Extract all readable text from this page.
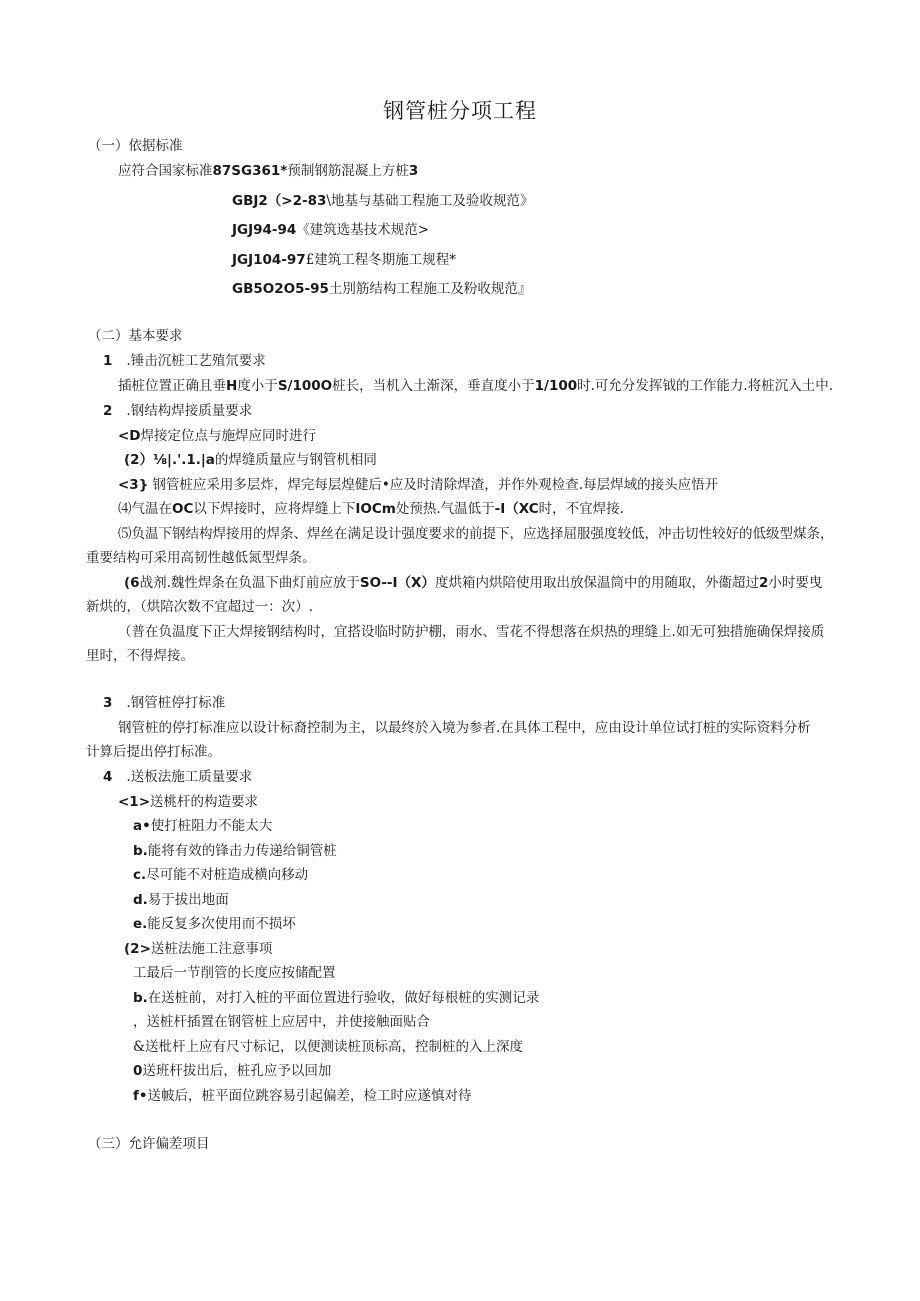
钢管桩分项工程
（一）依据标准
应符合国家标准87SG361*预制钢筋混凝上方桩3
GBJ2（>2-83\地基与基础工程施工及验收规范》
JGJ94-94《建筑选基技术规范>
JGJ104-97£建筑工程冬期施工规程*
GB5O2O5-95土別筋结构工程施工及粉收规范』
（二）基本要求
1 .锤击沉桩工艺殖氘要求
插桩位置正确且垂H度小于S/100O桩长，当机入土渐深，垂直度小于1/100时.可允分发挥钺的工作能力.将桩沉入土中.
2 .钢结构焊接质量要求
<D焊接定位点与施焊应同时进行
(2）⅛|.'.1.|a的焊缝质量应与钢管机相同
<3} 钢管桩应采用多层炸，焊完每层煌健后•应及时清除焊渣，并作外观检查.每层焊域的接头应悟开
⑷气温在OC以下焊接时，应将焊缝上下IOCm处预热.气温低于-I（XC时，不宜焊接.
⑸负温下钢结构焊接用的焊条、焊丝在满足设计强度要求的前提下，应选择屈服强度较低，冲击切性较好的低级型煤条，
重要结构可采用高韧性越低氮型焊条。
(6战剂.魏性焊条在负温下曲灯前应放于SO--I（X）度烘箱内烘陪使用取出放保温筒中的用随取，外衞超过2小时要曳
新烘的，（烘陪次数不宜超过一：次）.
（普在负温度下正大焊接钢结构时，宜搭设临时防护棚，雨水、雪花不得想落在炽热的理缝上.如无可独措施确保焊接质
里时，不得焊接。
3 .钢管桩停打标准
钢管桩的停打标准应以设计标裔控制为主，以最终於入境为参者.在具体工程中，应由设计单位试打桩的实际资料分析
计算后提出停打标准。
4 .送板法施工质量要求
<1>送桃杆的构造要求
a•使打桩阻力不能太大
b.能将有效的锋击力传递给铜管桩
c.尽可能不对桩造成横向移动
d.易于拔出地面
e.能反复多次使用而不损坏
(2>送桩法施工注意事项
工最后一节削管的长度应按储配置
b.在送桩前，对打入桩的平面位置进行验收，做好每根桩的实测记录
，送桩杆插置在钢管桩上应居中，并使接触面贴合
&送枇杆上应有尺寸标记，以便测读桩顶标高，控制桩的入上深度
0送班杆拔出后，桩孔应予以回加
f•送帔后，桩平面位跳容易引起偏差，检工时应遂慎对待
（三）允许偏差项目
